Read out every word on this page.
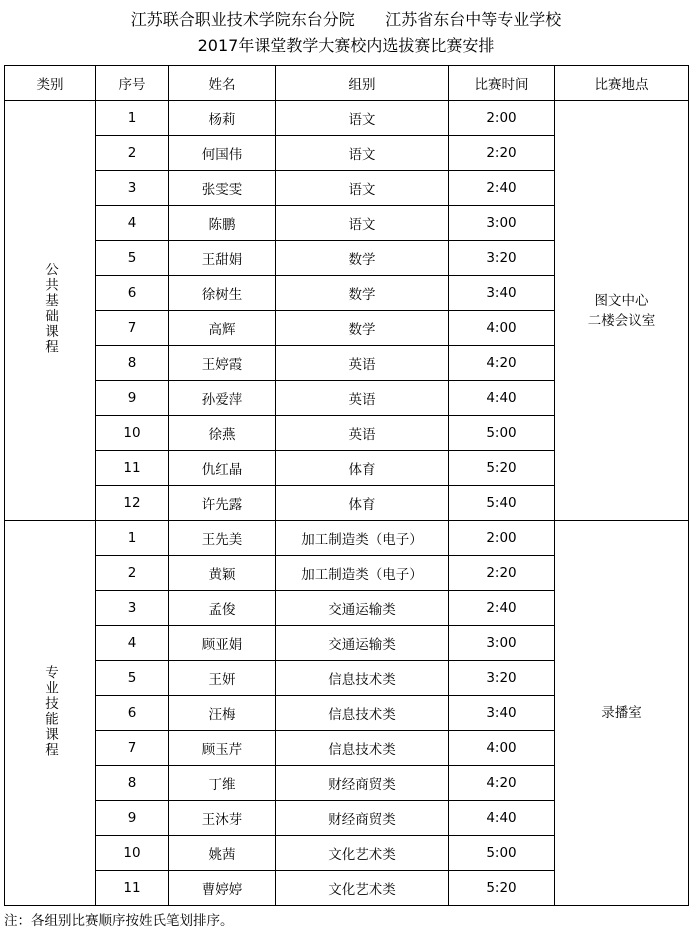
江苏联合职业技术学院东台分院      江苏省东台中等专业学校
2017年课堂教学大赛校内选拔赛比赛安排
类别	序号	姓名	组别	比赛时间	比赛地点
公共基础课程	1	杨莉	语文	2:00	图文中心
二楼会议室
	2	何国伟	语文	2:20	
	3	张雯雯	语文	2:40	
	4	陈鹏	语文	3:00	
	5	王甜娟	数学	3:20	
	6	徐树生	数学	3:40	
	7	高辉	数学	4:00	
	8	王婷霞	英语	4:20	
	9	孙爱萍	英语	4:40	
	10	徐燕	英语	5:00	
	11	仇红晶	体育	5:20	
	12	许先露	体育	5:40	
专业技能课程	1	王先美	加工制造类（电子）	2:00	录播室
	2	黄颖	加工制造类（电子）	2:20	
	3	孟俊	交通运输类	2:40	
	4	顾亚娟	交通运输类	3:00	
	5	王妍	信息技术类	3:20	
	6	汪梅	信息技术类	3:40	
	7	顾玉芹	信息技术类	4:00	
	8	丁维	财经商贸类	4:20	
	9	王沐芽	财经商贸类	4:40	
	10	姚茜	文化艺术类	5:00	
	11	曹婷婷	文化艺术类	5:20	
注：各组别比赛顺序按姓氏笔划排序。
